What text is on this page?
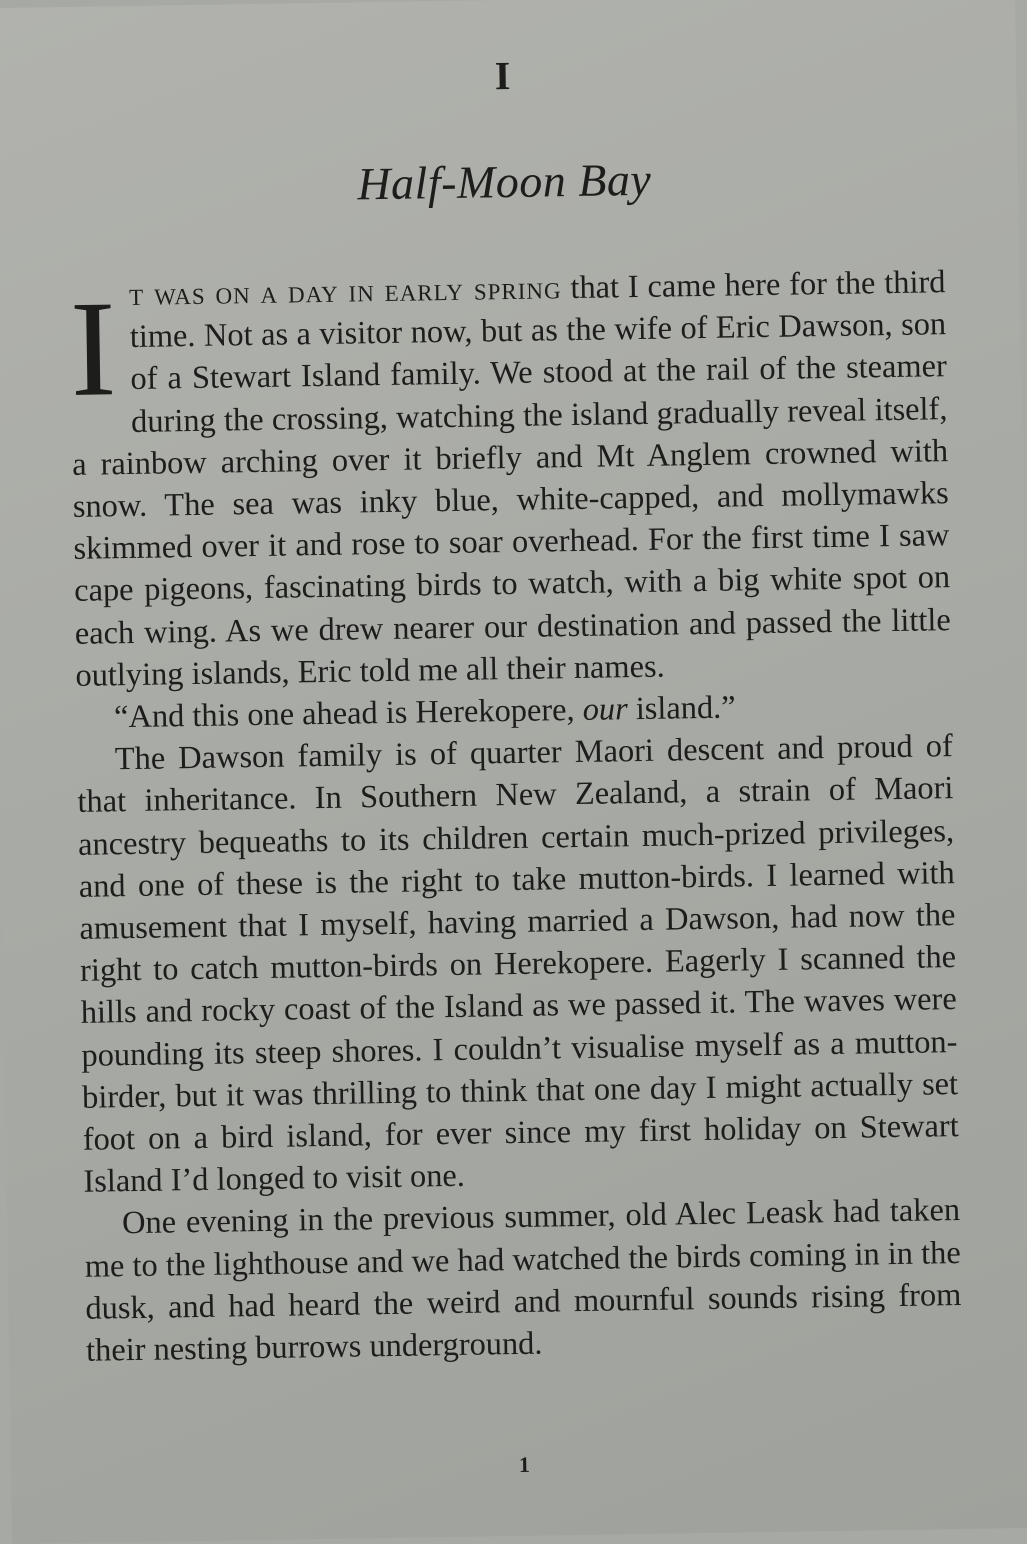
I
Half-Moon Bay

It was on a day in early spring that I came here for the third time. Not as a visitor now, but as the wife of Eric Dawson, son of a Stewart Island family. We stood at the rail of the steamer during the crossing, watching the island gradually reveal itself, a rainbow arching over it briefly and Mt Anglem crowned with snow. The sea was inky blue, white-capped, and mollymawks skimmed over it and rose to soar overhead. For the first time I saw cape pigeons, fascinating birds to watch, with a big white spot on each wing. As we drew nearer our destination and passed the little outlying islands, Eric told me all their names.

“And this one ahead is Herekopere, our island.”

The Dawson family is of quarter Maori descent and proud of that inheritance. In Southern New Zealand, a strain of Maori ancestry bequeaths to its children certain much-prized privileges, and one of these is the right to take mutton-birds. I learned with amusement that I myself, having married a Dawson, had now the right to catch mutton-birds on Herekopere. Eagerly I scanned the hills and rocky coast of the Island as we passed it. The waves were pounding its steep shores. I couldn’t visualise myself as a mutton-birder, but it was thrilling to think that one day I might actually set foot on a bird island, for ever since my first holiday on Stewart Island I’d longed to visit one.

One evening in the previous summer, old Alec Leask had taken me to the lighthouse and we had watched the birds coming in in the dusk, and had heard the weird and mournful sounds rising from their nesting burrows underground.

1
